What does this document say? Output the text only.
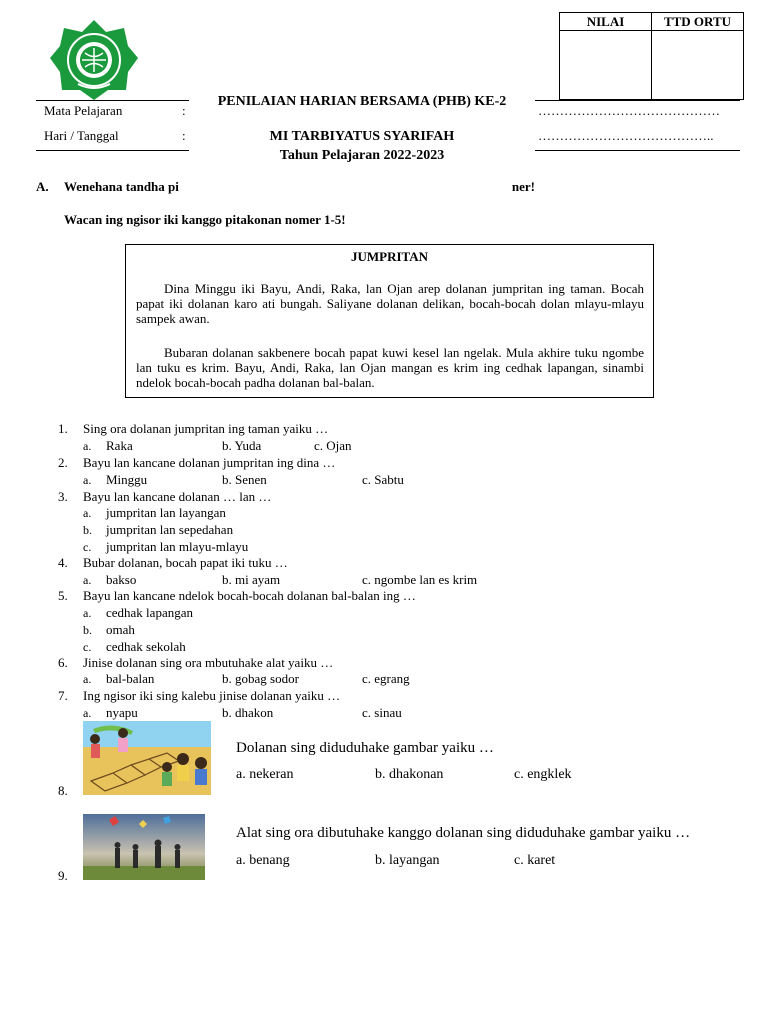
NILAI	TTD ORTU
Mata Pelajaran	:
Hari / Tanggal	:
……………………………………
…………………………………..
PENILAIAN HARIAN BERSAMA (PHB) KE-2
MI TARBIYATUS SYARIFAH
Tahun Pelajaran 2022-2023
A. Wenehana tandha pi	ner!
Wacan ing ngisor iki kanggo pitakonan nomer 1-5!
JUMPRITAN
Dina Minggu iki Bayu, Andi, Raka, lan Ojan arep dolanan jumpritan ing taman. Bocah papat iki dolanan karo ati bungah. Saliyane dolanan delikan, bocah-bocah dolan mlayu-mlayu sampek awan.
Bubaran dolanan sakbenere bocah papat kuwi kesel lan ngelak. Mula akhire tuku ngombe lan tuku es krim. Bayu, Andi, Raka, lan Ojan mangan es krim ing cedhak lapangan, sinambi ndelok bocah-bocah padha dolanan bal-balan.
1. Sing ora dolanan jumpritan ing taman yaiku …
a. Raka	b. Yuda	c. Ojan
2. Bayu lan kancane dolanan jumpritan ing dina …
a. Minggu	b. Senen	c. Sabtu
3. Bayu lan kancane dolanan … lan …
a. jumpritan lan layangan
b. jumpritan lan sepedahan
c. jumpritan lan mlayu-mlayu
4. Bubar dolanan, bocah papat iki tuku …
a. bakso	b. mi ayam	c. ngombe lan es krim
5. Bayu lan kancane ndelok bocah-bocah dolanan bal-balan ing …
a. cedhak lapangan
b. omah
c. cedhak sekolah
6. Jinise dolanan sing ora mbutuhake alat yaiku …
a. bal-balan	b. gobag sodor	c. egrang
7. Ing ngisor iki sing kalebu jinise dolanan yaiku …
a. nyapu	b. dhakon	c. sinau
8.
Dolanan sing diduduhake gambar yaiku …
a. nekeran	b. dhakonan	c. engklek
9.
Alat sing ora dibutuhake kanggo dolanan sing diduduhake gambar yaiku …
a. benang	b. layangan	c. karet
